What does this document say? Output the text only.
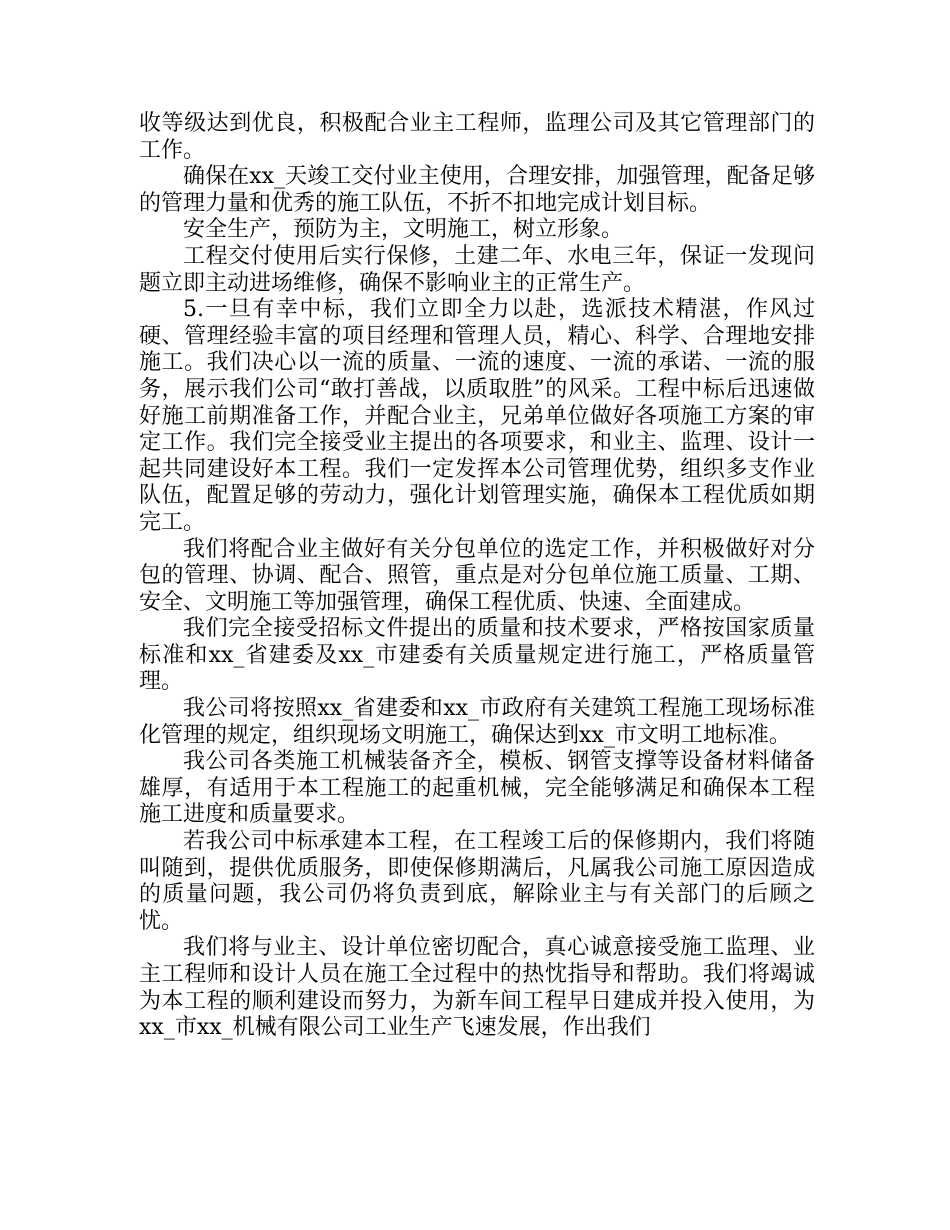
收等级达到优良，积极配合业主工程师，监理公司及其它管理部门的工作。

确保在xx_天竣工交付业主使用，合理安排，加强管理，配备足够的管理力量和优秀的施工队伍，不折不扣地完成计划目标。

安全生产，预防为主，文明施工，树立形象。

工程交付使用后实行保修，土建二年、水电三年，保证一发现问题立即主动进场维修，确保不影响业主的正常生产。

5.一旦有幸中标，我们立即全力以赴，选派技术精湛，作风过硬、管理经验丰富的项目经理和管理人员，精心、科学、合理地安排施工。我们决心以一流的质量、一流的速度、一流的承诺、一流的服务，展示我们公司“敢打善战，以质取胜”的风采。工程中标后迅速做好施工前期准备工作，并配合业主，兄弟单位做好各项施工方案的审定工作。我们完全接受业主提出的各项要求，和业主、监理、设计一起共同建设好本工程。我们一定发挥本公司管理优势，组织多支作业队伍，配置足够的劳动力，强化计划管理实施，确保本工程优质如期完工。

我们将配合业主做好有关分包单位的选定工作，并积极做好对分包的管理、协调、配合、照管，重点是对分包单位施工质量、工期、安全、文明施工等加强管理，确保工程优质、快速、全面建成。

我们完全接受招标文件提出的质量和技术要求，严格按国家质量标准和xx_省建委及xx_市建委有关质量规定进行施工，严格质量管理。

我公司将按照xx_省建委和xx_市政府有关建筑工程施工现场标准化管理的规定，组织现场文明施工，确保达到xx_市文明工地标准。

我公司各类施工机械装备齐全，模板、钢管支撑等设备材料储备雄厚，有适用于本工程施工的起重机械，完全能够满足和确保本工程施工进度和质量要求。

若我公司中标承建本工程，在工程竣工后的保修期内，我们将随叫随到，提供优质服务，即使保修期满后，凡属我公司施工原因造成的质量问题，我公司仍将负责到底，解除业主与有关部门的后顾之忧。

我们将与业主、设计单位密切配合，真心诚意接受施工监理、业主工程师和设计人员在施工全过程中的热忱指导和帮助。我们将竭诚为本工程的顺利建设而努力，为新车间工程早日建成并投入使用，为xx_市xx_机械有限公司工业生产飞速发展，作出我们
